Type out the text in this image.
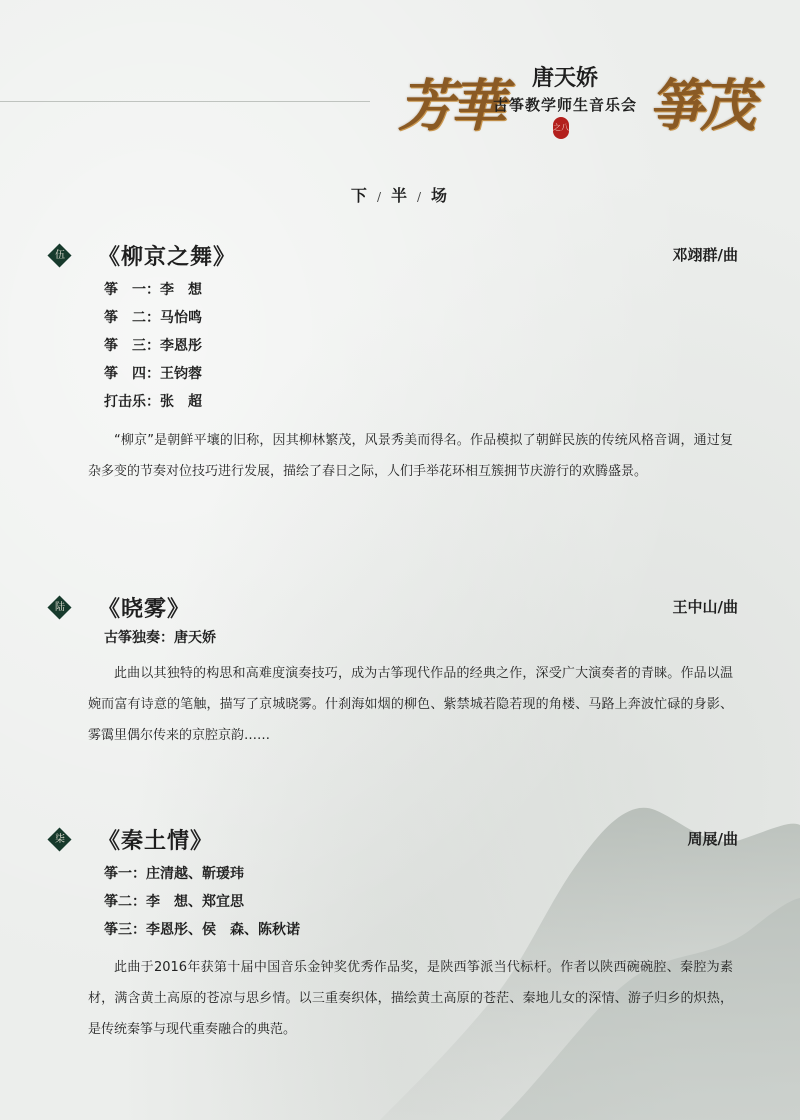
芳華	箏茂
唐天娇
古筝教学师生音乐会
之八
下 / 半 / 场
伍	《柳京之舞》	邓翊群/曲
筝　一：李　想
筝　二：马怡鸣
筝　三：李恩彤
筝　四：王钧蓉
打击乐：张　超
“柳京”是朝鲜平壤的旧称，因其柳林繁茂，风景秀美而得名。作品模拟了朝鲜民族的传统风格音调，通过复杂多变的节奏对位技巧进行发展，描绘了春日之际，人们手举花环相互簇拥节庆游行的欢腾盛景。
陆	《晓雾》	王中山/曲
古筝独奏：唐天娇
此曲以其独特的构思和高难度演奏技巧，成为古筝现代作品的经典之作，深受广大演奏者的青睐。作品以温婉而富有诗意的笔触，描写了京城晓雾。什刹海如烟的柳色、紫禁城若隐若现的角楼、马路上奔波忙碌的身影、雾霭里偶尔传来的京腔京韵……
柒	《秦土情》	周展/曲
筝一：庄清越、靳瑗玮
筝二：李　想、郑宜思
筝三：李恩彤、侯　森、陈秋诺
此曲于2016年获第十届中国音乐金钟奖优秀作品奖，是陕西筝派当代标杆。作者以陕西碗碗腔、秦腔为素材，满含黄土高原的苍凉与思乡情。以三重奏织体，描绘黄土高原的苍茫、秦地儿女的深情、游子归乡的炽热，是传统秦筝与现代重奏融合的典范。
